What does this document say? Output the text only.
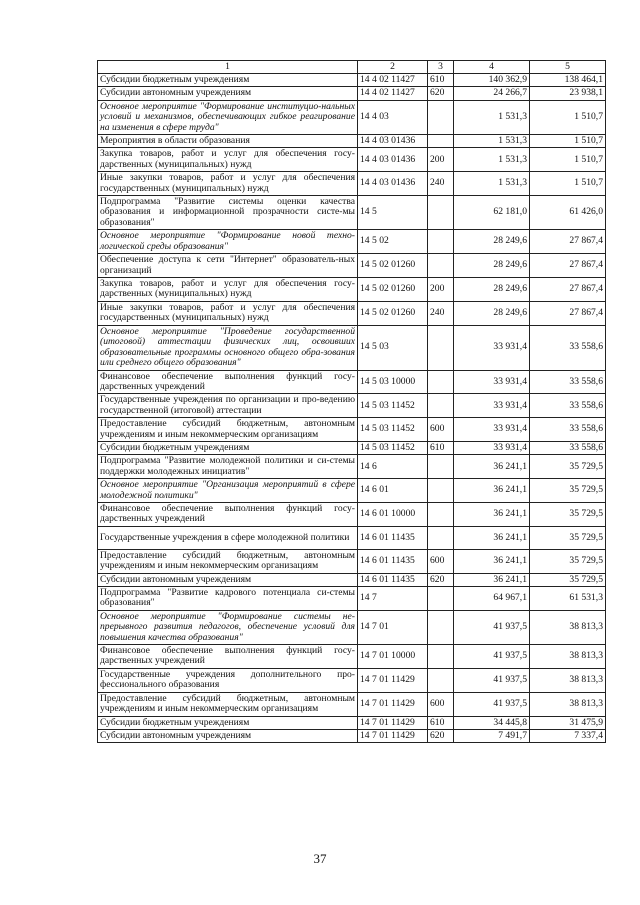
1	2	3	4	5
Субсидии бюджетным учреждениям	14 4 02 11427	610	140 362,9	138 464,1
Субсидии автономным учреждениям	14 4 02 11427	620	24 266,7	23 938,1
Основное мероприятие "Формирование институцио-нальных условий и механизмов, обеспечивающих гибкое реагирование на изменения в сфере труда"	14 4 03		1 531,3	1 510,7
Мероприятия в области образования	14 4 03 01436		1 531,3	1 510,7
Закупка товаров, работ и услуг для обеспечения госу-дарственных (муниципальных) нужд	14 4 03 01436	200	1 531,3	1 510,7
Иные закупки товаров, работ и услуг для обеспечения государственных (муниципальных) нужд	14 4 03 01436	240	1 531,3	1 510,7
Подпрограмма "Развитие системы оценки качества образования и информационной прозрачности систе-мы образования"	14 5		62 181,0	61 426,0
Основное мероприятие "Формирование новой техно-логической среды образования"	14 5 02		28 249,6	27 867,4
Обеспечение доступа к сети "Интернет" образователь-ных организаций	14 5 02 01260		28 249,6	27 867,4
Закупка товаров, работ и услуг для обеспечения госу-дарственных (муниципальных) нужд	14 5 02 01260	200	28 249,6	27 867,4
Иные закупки товаров, работ и услуг для обеспечения государственных (муниципальных) нужд	14 5 02 01260	240	28 249,6	27 867,4
Основное мероприятие "Проведение государственной (итоговой) аттестации физических лиц, освоивших образовательные программы основного общего обра-зования или среднего общего образования"	14 5 03		33 931,4	33 558,6
Финансовое обеспечение выполнения функций госу-дарственных учреждений	14 5 03 10000		33 931,4	33 558,6
Государственные учреждения по организации и про-ведению государственной (итоговой) аттестации	14 5 03 11452		33 931,4	33 558,6
Предоставление субсидий бюджетным, автономным учреждениям и иным некоммерческим организациям	14 5 03 11452	600	33 931,4	33 558,6
Субсидии бюджетным учреждениям	14 5 03 11452	610	33 931,4	33 558,6
Подпрограмма "Развитие молодежной политики и си-стемы поддержки молодежных инициатив"	14 6		36 241,1	35 729,5
Основное мероприятие "Организация мероприятий в сфере молодежной политики"	14 6 01		36 241,1	35 729,5
Финансовое обеспечение выполнения функций госу-дарственных учреждений	14 6 01 10000		36 241,1	35 729,5
Государственные учреждения в сфере молодежной политики	14 6 01 11435		36 241,1	35 729,5
Предоставление субсидий бюджетным, автономным учреждениям и иным некоммерческим организациям	14 6 01 11435	600	36 241,1	35 729,5
Субсидии автономным учреждениям	14 6 01 11435	620	36 241,1	35 729,5
Подпрограмма "Развитие кадрового потенциала си-стемы образования"	14 7		64 967,1	61 531,3
Основное мероприятие "Формирование системы не-прерывного развития педагогов, обеспечение условий для повышения качества образования"	14 7 01		41 937,5	38 813,3
Финансовое обеспечение выполнения функций госу-дарственных учреждений	14 7 01 10000		41 937,5	38 813,3
Государственные учреждения дополнительного про-фессионального образования	14 7 01 11429		41 937,5	38 813,3
Предоставление субсидий бюджетным, автономным учреждениям и иным некоммерческим организациям	14 7 01 11429	600	41 937,5	38 813,3
Субсидии бюджетным учреждениям	14 7 01 11429	610	34 445,8	31 475,9
Субсидии автономным учреждениям	14 7 01 11429	620	7 491,7	7 337,4
37
